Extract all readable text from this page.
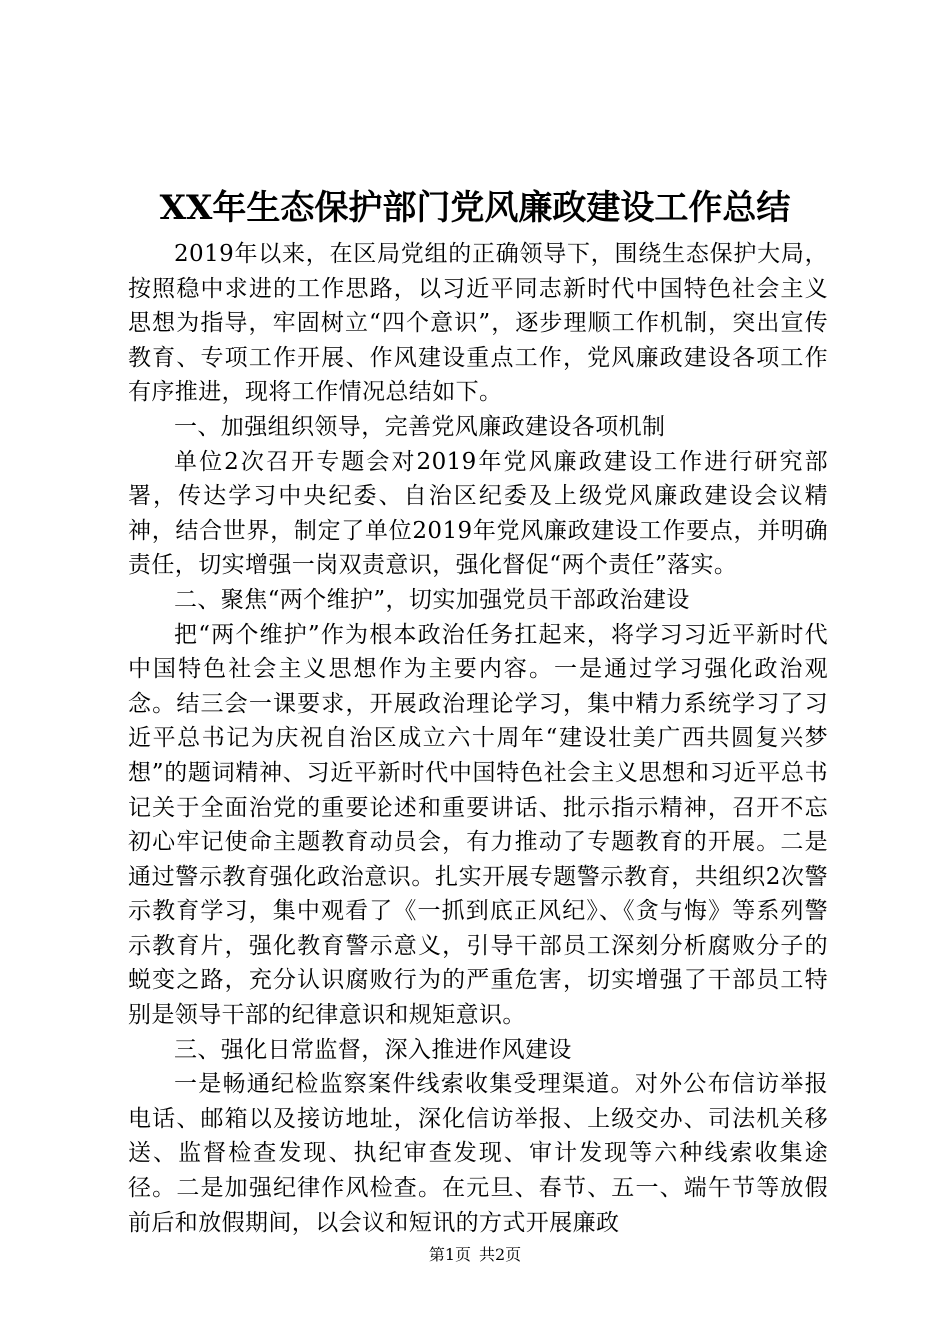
XX年生态保护部门党风廉政建设工作总结

2019年以来，在区局党组的正确领导下，围绕生态保护大局，按照稳中求进的工作思路，以习近平同志新时代中国特色社会主义思想为指导，牢固树立“四个意识”，逐步理顺工作机制，突出宣传教育、专项工作开展、作风建设重点工作，党风廉政建设各项工作有序推进，现将工作情况总结如下。

一、加强组织领导，完善党风廉政建设各项机制

单位2次召开专题会对2019年党风廉政建设工作进行研究部署，传达学习中央纪委、自治区纪委及上级党风廉政建设会议精神，结合世界，制定了单位2019年党风廉政建设工作要点，并明确责任，切实增强一岗双责意识，强化督促“两个责任”落实。

二、聚焦“两个维护”，切实加强党员干部政治建设

把“两个维护”作为根本政治任务扛起来，将学习习近平新时代中国特色社会主义思想作为主要内容。一是通过学习强化政治观念。结三会一课要求，开展政治理论学习，集中精力系统学习了习近平总书记为庆祝自治区成立六十周年“建设壮美广西共圆复兴梦想”的题词精神、习近平新时代中国特色社会主义思想和习近平总书记关于全面治党的重要论述和重要讲话、批示指示精神，召开不忘初心牢记使命主题教育动员会，有力推动了专题教育的开展。二是通过警示教育强化政治意识。扎实开展专题警示教育，共组织2次警示教育学习，集中观看了《一抓到底正风纪》、《贪与悔》等系列警示教育片，强化教育警示意义，引导干部员工深刻分析腐败分子的蜕变之路，充分认识腐败行为的严重危害，切实增强了干部员工特别是领导干部的纪律意识和规矩意识。

三、强化日常监督，深入推进作风建设

一是畅通纪检监察案件线索收集受理渠道。对外公布信访举报电话、邮箱以及接访地址，深化信访举报、上级交办、司法机关移送、监督检查发现、执纪审查发现、审计发现等六种线索收集途径。二是加强纪律作风检查。在元旦、春节、五一、端午节等放假前后和放假期间，以会议和短讯的方式开展廉政

第1页 共2页
